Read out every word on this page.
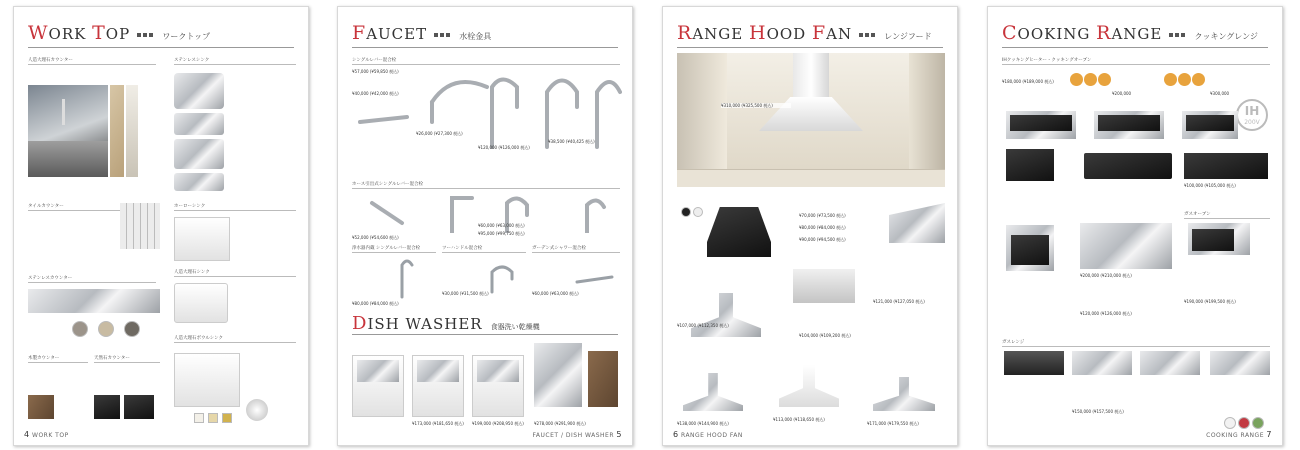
WORK TOP	ワークトップ
人造大理石カウンター	ステンレスシンク
タイルカウンター	ホーローシンク
ステンレスカウンター
人造大理石シンク
木製カウンター	天然石カウンター
人造大理石ボウルシンク
4 WORK TOP
FAUCET	水栓金具
シングルレバー混合栓
¥57,000 (¥59,850 税込)
¥40,000 (¥42,000 税込)
¥26,000 (¥27,300 税込)
¥120,000 (¥126,000 税込)
¥38,500 (¥40,425 税込)
ホース引出式シングルレバー混合栓
¥52,000 (¥54,600 税込)
¥60,000 (¥63,000 税込)
¥95,000 (¥99,750 税込)
浄水器内蔵 シングルレバー混合栓	ツーハンドル混合栓	ガーデン式シャワー混合栓
¥80,000 (¥84,000 税込)
¥30,000 (¥31,500 税込)	¥60,000 (¥63,000 税込)
DISH WASHER 食器洗い乾燥機
¥173,000 (¥181,650 税込)	¥199,000 (¥208,950 税込)	¥278,000 (¥291,900 税込)
FAUCET / DISH WASHER 5
RANGE HOOD FAN	レンジフード
¥310,000 (¥325,500 税込)
¥70,000 (¥73,500 税込)
¥80,000 (¥84,000 税込)
¥90,000 (¥94,500 税込)
¥107,000 (¥112,350 税込)
¥121,000 (¥127,050 税込)
¥104,000 (¥109,200 税込)
¥138,000 (¥144,900 税込)
¥113,000 (¥118,650 税込)
¥171,000 (¥179,550 税込)
6 RANGE HOOD FAN
COOKING RANGE	クッキングレンジ
IHクッキングヒーター・クッキングオーブン
IH
200V
¥180,000 (¥189,000 税込)
¥200,000	¥300,000
¥100,000 (¥105,000 税込)
ガスオーブン
¥200,000 (¥210,000 税込)
¥190,000 (¥199,500 税込)
¥120,000 (¥126,000 税込)
ガスレンジ
¥150,000 (¥157,500 税込)
COOKING RANGE 7
